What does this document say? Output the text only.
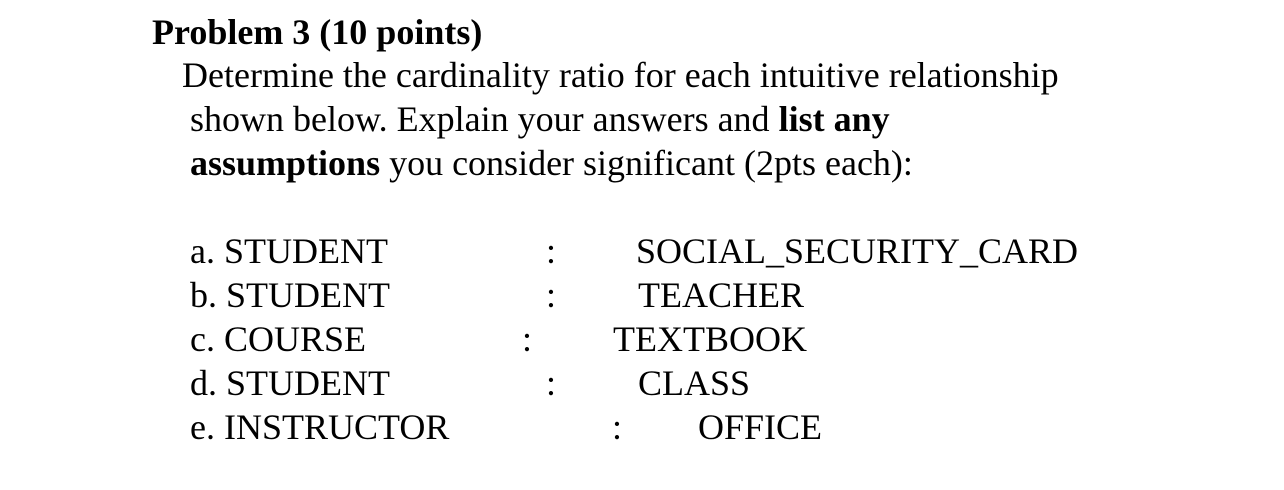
Problem 3 (10 points)
Determine the cardinality ratio for each intuitive relationship
shown below. Explain your answers and list any
assumptions you consider significant (2pts each):
a. STUDENT	: SOCIAL_SECURITY_CARD
b. STUDENT	: TEACHER
c. COURSE	: TEXTBOOK
d. STUDENT	: CLASS
e. INSTRUCTOR	: OFFICE
